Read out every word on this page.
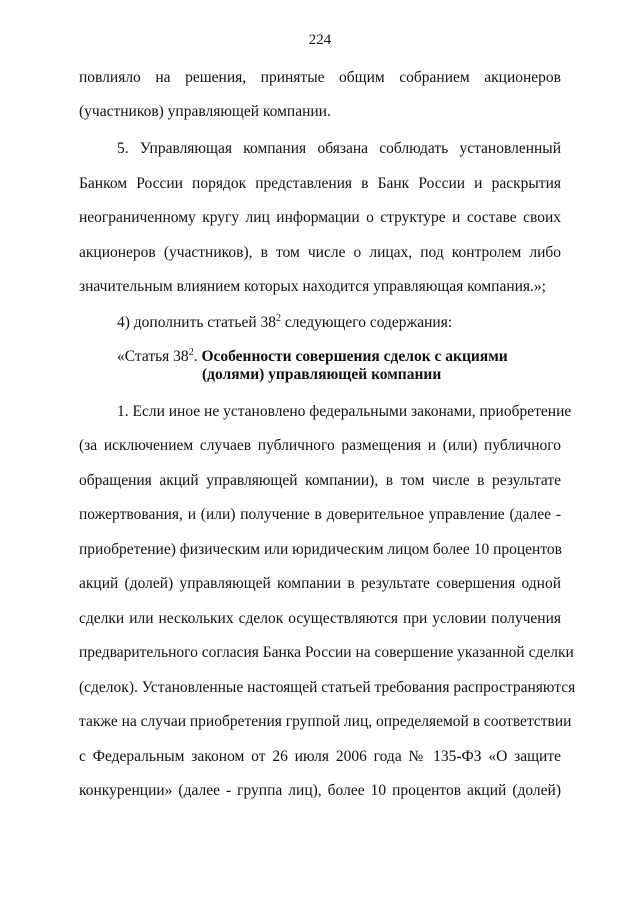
224
повлияло на решения, принятые общим собранием акционеров
(участников) управляющей компании.
5. Управляющая компания обязана соблюдать установленный
Банком России порядок представления в Банк России и раскрытия
неограниченному кругу лиц информации о структуре и составе своих
акционеров (участников), в том числе о лицах, под контролем либо
значительным влиянием которых находится управляющая компания.»;
4) дополнить статьей $38^2$ следующего содержания:
«Статья $38^2$. Особенности совершения сделок с акциями
(долями) управляющей компании
1. Если иное не установлено федеральными законами, приобретение
(за исключением случаев публичного размещения и (или) публичного
обращения акций управляющей компании), в том числе в результате
пожертвования, и (или) получение в доверительное управление (далее -
приобретение) физическим или юридическим лицом более 10 процентов
акций (долей) управляющей компании в результате совершения одной
сделки или нескольких сделок осуществляются при условии получения
предварительного согласия Банка России на совершение указанной сделки
(сделок). Установленные настоящей статьей требования распространяются
также на случаи приобретения группой лиц, определяемой в соответствии
с Федеральным законом от 26 июля 2006 года № 135-ФЗ «О защите
конкуренции» (далее - группа лиц), более 10 процентов акций (долей)
